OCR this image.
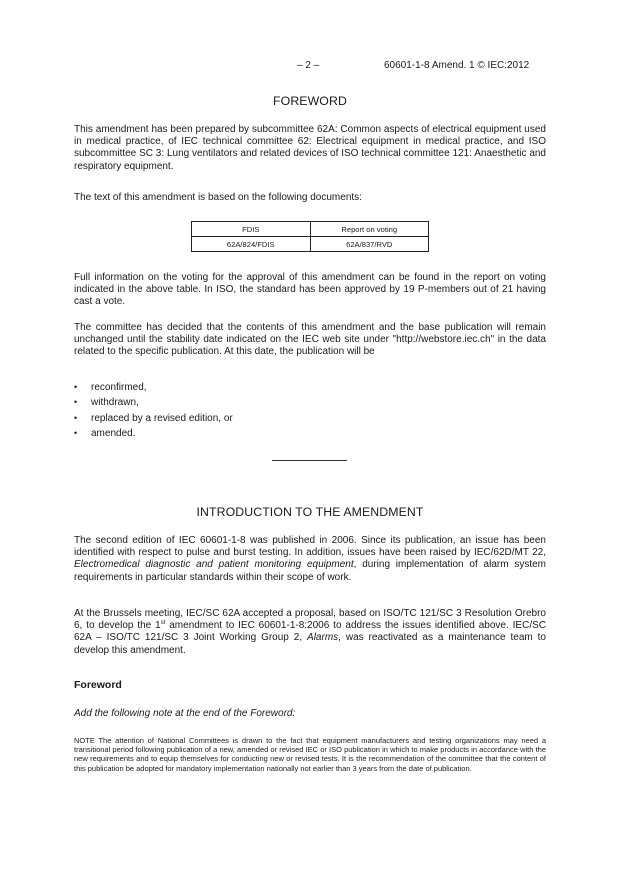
– 2 –	60601-1-8 Amend. 1 © IEC:2012
FOREWORD
This amendment has been prepared by subcommittee 62A: Common aspects of electrical equipment used in medical practice, of IEC technical committee 62: Electrical equipment in medical practice, and ISO subcommittee SC 3: Lung ventilators and related devices of ISO technical committee 121: Anaesthetic and respiratory equipment.
The text of this amendment is based on the following documents:
FDIS	Report on voting
62A/824/FDIS	62A/837/RVD
Full information on the voting for the approval of this amendment can be found in the report on voting indicated in the above table. In ISO, the standard has been approved by 19 P-members out of 21 having cast a vote.
The committee has decided that the contents of this amendment and the base publication will remain unchanged until the stability date indicated on the IEC web site under "http://webstore.iec.ch" in the data related to the specific publication. At this date, the publication will be
• reconfirmed,
• withdrawn,
• replaced by a revised edition, or
• amended.
INTRODUCTION TO THE AMENDMENT
The second edition of IEC 60601-1-8 was published in 2006. Since its publication, an issue has been identified with respect to pulse and burst testing. In addition, issues have been raised by IEC/62D/MT 22, Electromedical diagnostic and patient monitoring equipment, during implementation of alarm system requirements in particular standards within their scope of work.
At the Brussels meeting, IEC/SC 62A accepted a proposal, based on ISO/TC 121/SC 3 Resolution Orebro 6, to develop the 1st amendment to IEC 60601-1-8:2006 to address the issues identified above. IEC/SC 62A – ISO/TC 121/SC 3 Joint Working Group 2, Alarms, was reactivated as a maintenance team to develop this amendment.
Foreword
Add the following note at the end of the Foreword:
NOTE The attention of National Committees is drawn to the fact that equipment manufacturers and testing organizations may need a transitional period following publication of a new, amended or revised IEC or ISO publication in which to make products in accordance with the new requirements and to equip themselves for conducting new or revised tests. It is the recommendation of the committee that the content of this publication be adopted for mandatory implementation nationally not earlier than 3 years from the date of publication.
